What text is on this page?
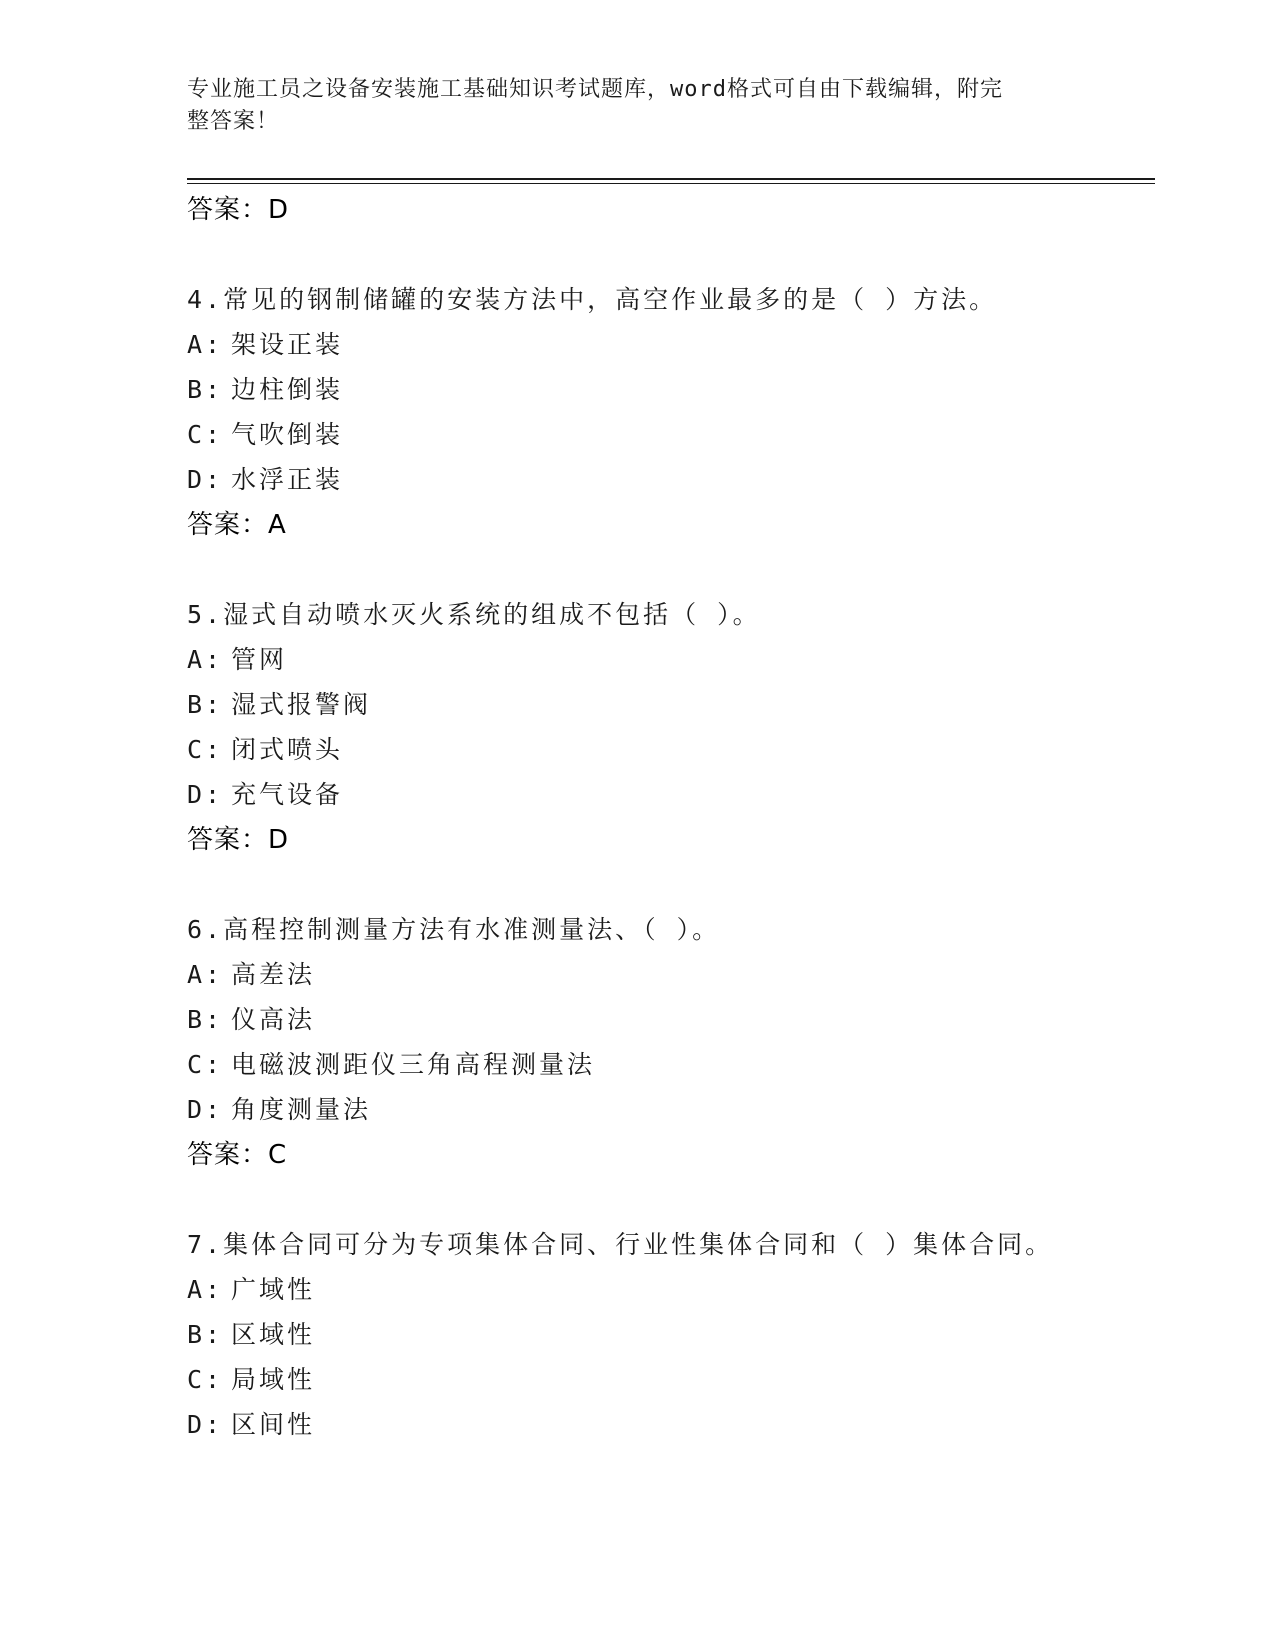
专业施工员之设备安装施工基础知识考试题库，word格式可自由下载编辑，附完
整答案！
答案：D
4.常见的钢制储罐的安装方法中，高空作业最多的是（ ）方法。
A: 架设正装
B: 边柱倒装
C: 气吹倒装
D: 水浮正装
答案：A
5.湿式自动喷水灭火系统的组成不包括（ ）。
A: 管网
B: 湿式报警阀
C: 闭式喷头
D: 充气设备
答案：D
6.高程控制测量方法有水准测量法、（ ）。
A: 高差法
B: 仪高法
C: 电磁波测距仪三角高程测量法
D: 角度测量法
答案：C
7.集体合同可分为专项集体合同、行业性集体合同和（ ）集体合同。
A: 广域性
B: 区域性
C: 局域性
D: 区间性
